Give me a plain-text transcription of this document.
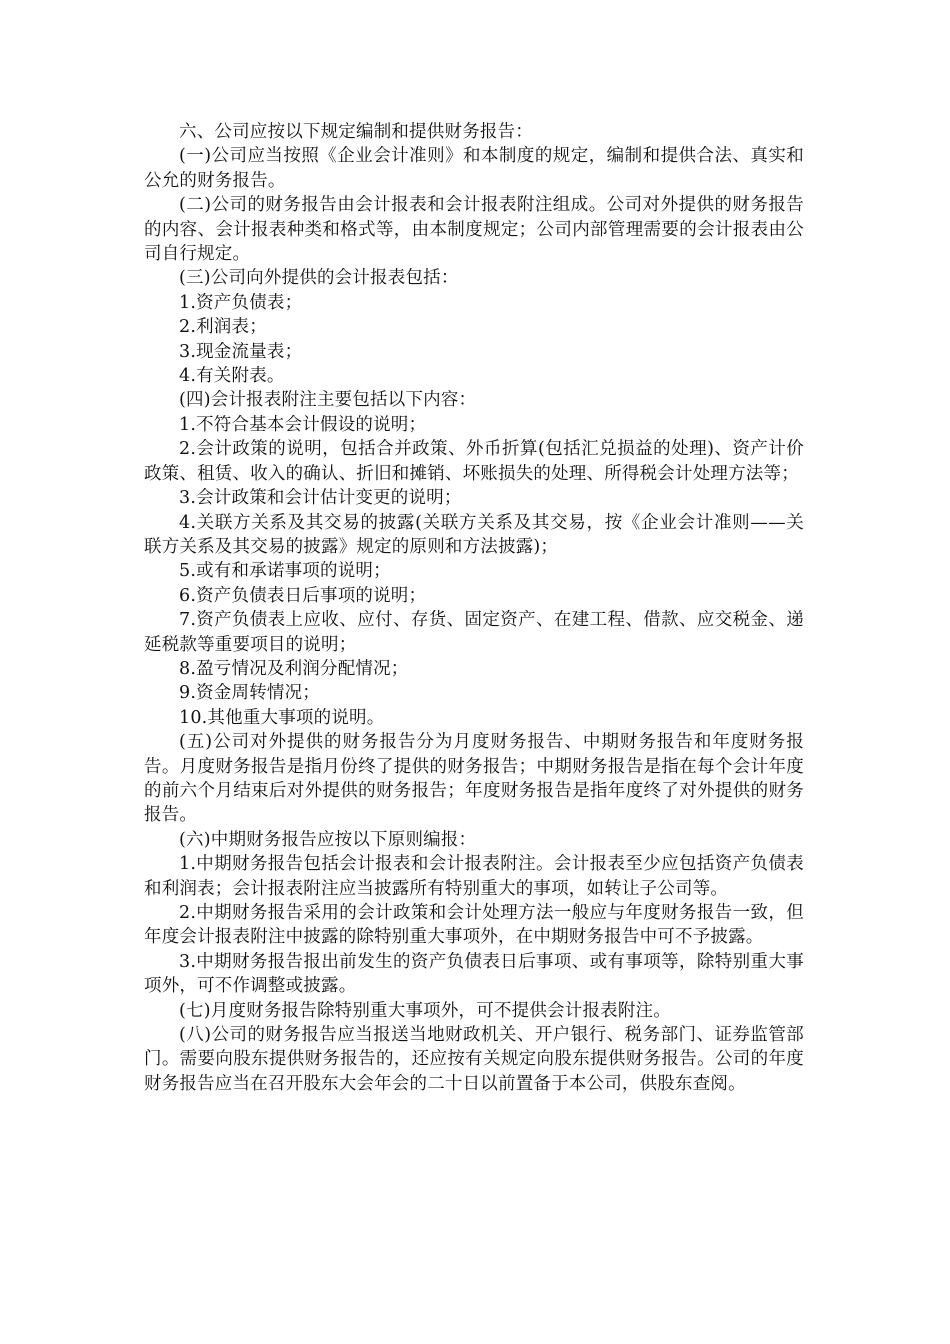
六、公司应按以下规定编制和提供财务报告：

(一)公司应当按照《企业会计准则》和本制度的规定，编制和提供合法、真实和公允的财务报告。

(二)公司的财务报告由会计报表和会计报表附注组成。公司对外提供的财务报告的内容、会计报表种类和格式等，由本制度规定；公司内部管理需要的会计报表由公司自行规定。

(三)公司向外提供的会计报表包括：

1.资产负债表；

2.利润表；

3.现金流量表；

4.有关附表。

(四)会计报表附注主要包括以下内容：

1.不符合基本会计假设的说明；

2.会计政策的说明，包括合并政策、外币折算(包括汇兑损益的处理)、资产计价政策、租赁、收入的确认、折旧和摊销、坏账损失的处理、所得税会计处理方法等；

3.会计政策和会计估计变更的说明；

4.关联方关系及其交易的披露(关联方关系及其交易，按《企业会计准则——关联方关系及其交易的披露》规定的原则和方法披露)；

5.或有和承诺事项的说明；

6.资产负债表日后事项的说明；

7.资产负债表上应收、应付、存货、固定资产、在建工程、借款、应交税金、递延税款等重要项目的说明；

8.盈亏情况及利润分配情况；

9.资金周转情况；

10.其他重大事项的说明。

(五)公司对外提供的财务报告分为月度财务报告、中期财务报告和年度财务报告。月度财务报告是指月份终了提供的财务报告；中期财务报告是指在每个会计年度的前六个月结束后对外提供的财务报告；年度财务报告是指年度终了对外提供的财务报告。

(六)中期财务报告应按以下原则编报：

1.中期财务报告包括会计报表和会计报表附注。会计报表至少应包括资产负债表和利润表；会计报表附注应当披露所有特别重大的事项，如转让子公司等。

2.中期财务报告采用的会计政策和会计处理方法一般应与年度财务报告一致，但年度会计报表附注中披露的除特别重大事项外，在中期财务报告中可不予披露。

3.中期财务报告报出前发生的资产负债表日后事项、或有事项等，除特别重大事项外，可不作调整或披露。

(七)月度财务报告除特别重大事项外，可不提供会计报表附注。

(八)公司的财务报告应当报送当地财政机关、开户银行、税务部门、证券监管部门。需要向股东提供财务报告的，还应按有关规定向股东提供财务报告。公司的年度财务报告应当在召开股东大会年会的二十日以前置备于本公司，供股东查阅。
